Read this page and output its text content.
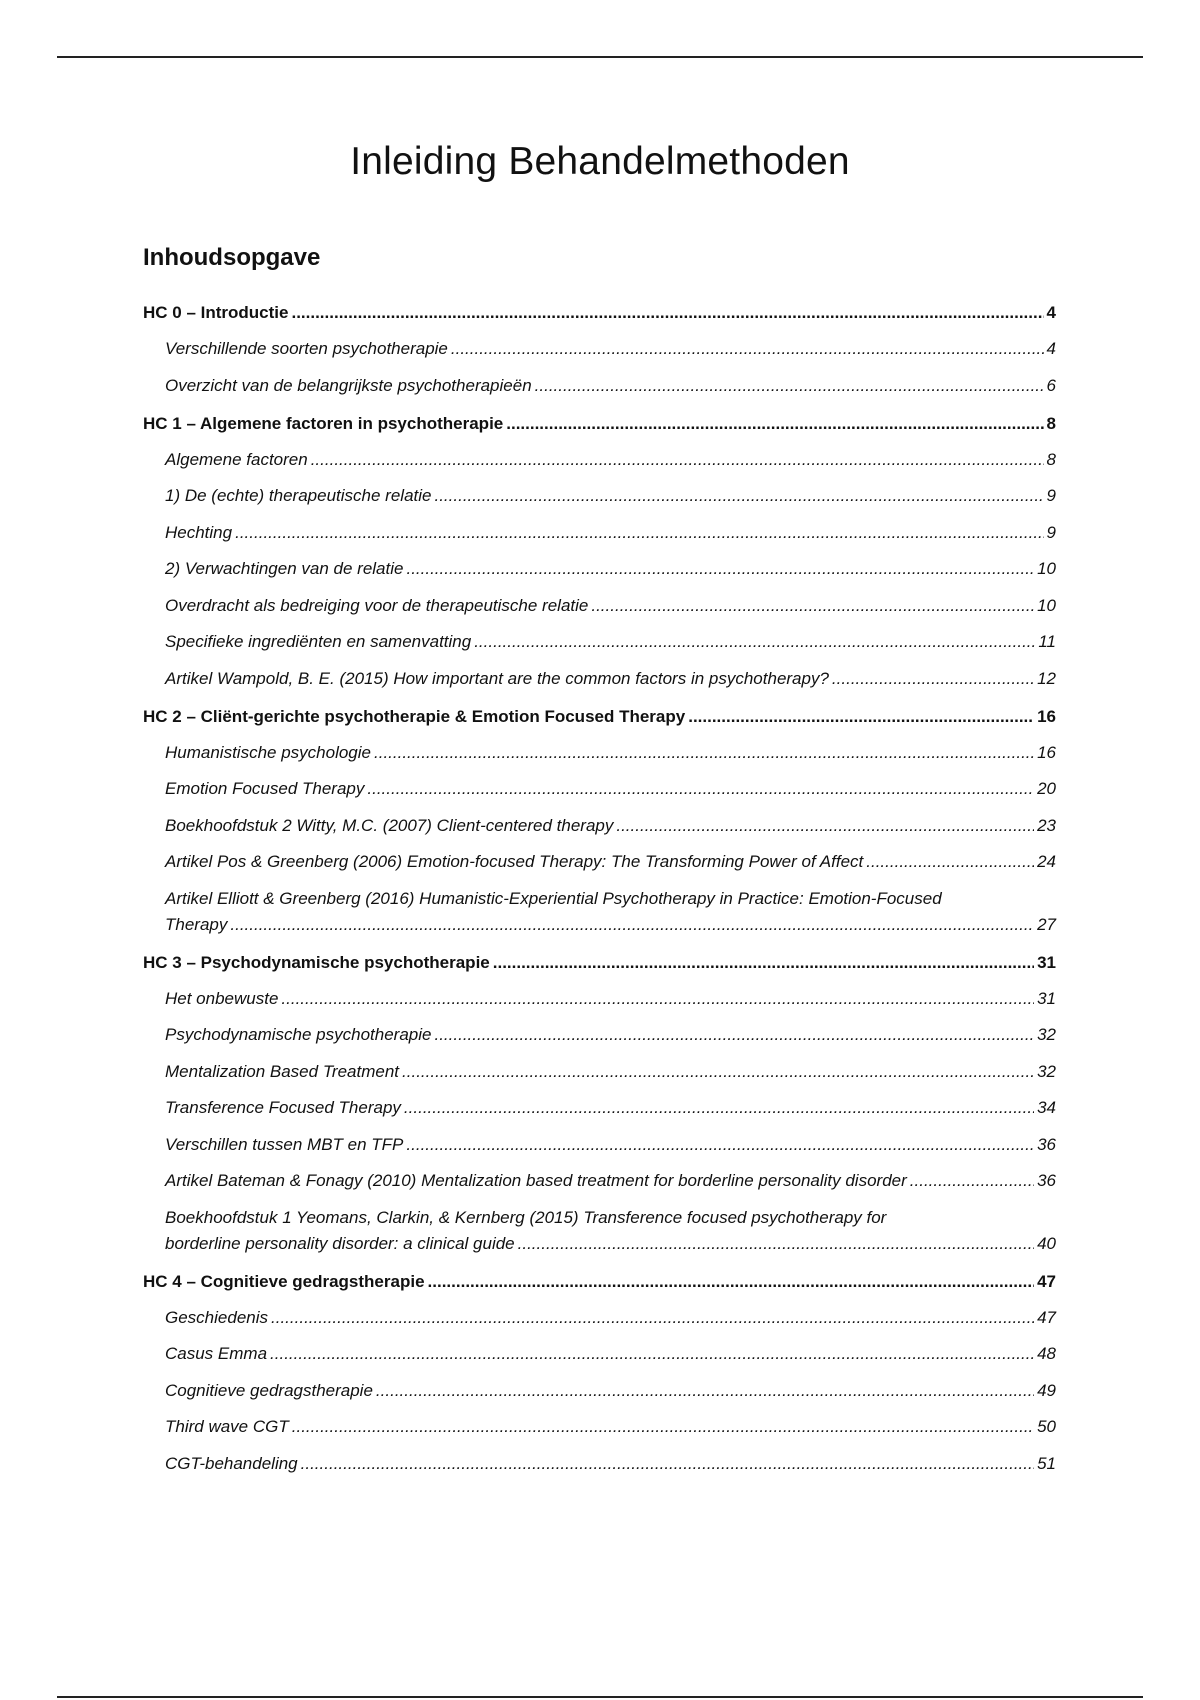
Inleiding Behandelmethoden
Inhoudsopgave
HC 0 – Introductie .....	4
Verschillende soorten psychotherapie .....	4
Overzicht van de belangrijkste psychotherapieën .....	6
HC 1 – Algemene factoren in psychotherapie .....	8
Algemene factoren .....	8
1) De (echte) therapeutische relatie .....	9
Hechting .....	9
2) Verwachtingen van de relatie .....	10
Overdracht als bedreiging voor de therapeutische relatie .....	10
Specifieke ingrediënten en samenvatting .....	11
Artikel Wampold, B. E. (2015) How important are the common factors in psychotherapy? .....	12
HC 2 – Cliënt-gerichte psychotherapie & Emotion Focused Therapy .....	16
Humanistische psychologie .....	16
Emotion Focused Therapy .....	20
Boekhoofdstuk 2 Witty, M.C. (2007) Client-centered therapy .....	23
Artikel Pos & Greenberg (2006) Emotion-focused Therapy: The Transforming Power of Affect .....	24
Artikel Elliott & Greenberg (2016) Humanistic-Experiential Psychotherapy in Practice: Emotion-Focused
Therapy .....	27
HC 3 – Psychodynamische psychotherapie .....	31
Het onbewuste .....	31
Psychodynamische psychotherapie .....	32
Mentalization Based Treatment .....	32
Transference Focused Therapy .....	34
Verschillen tussen MBT en TFP .....	36
Artikel Bateman & Fonagy (2010) Mentalization based treatment for borderline personality disorder .....	36
Boekhoofdstuk 1 Yeomans, Clarkin, & Kernberg (2015) Transference focused psychotherapy for
borderline personality disorder: a clinical guide .....	40
HC 4 – Cognitieve gedragstherapie .....	47
Geschiedenis .....	47
Casus Emma .....	48
Cognitieve gedragstherapie .....	49
Third wave CGT .....	50
CGT-behandeling .....	51
